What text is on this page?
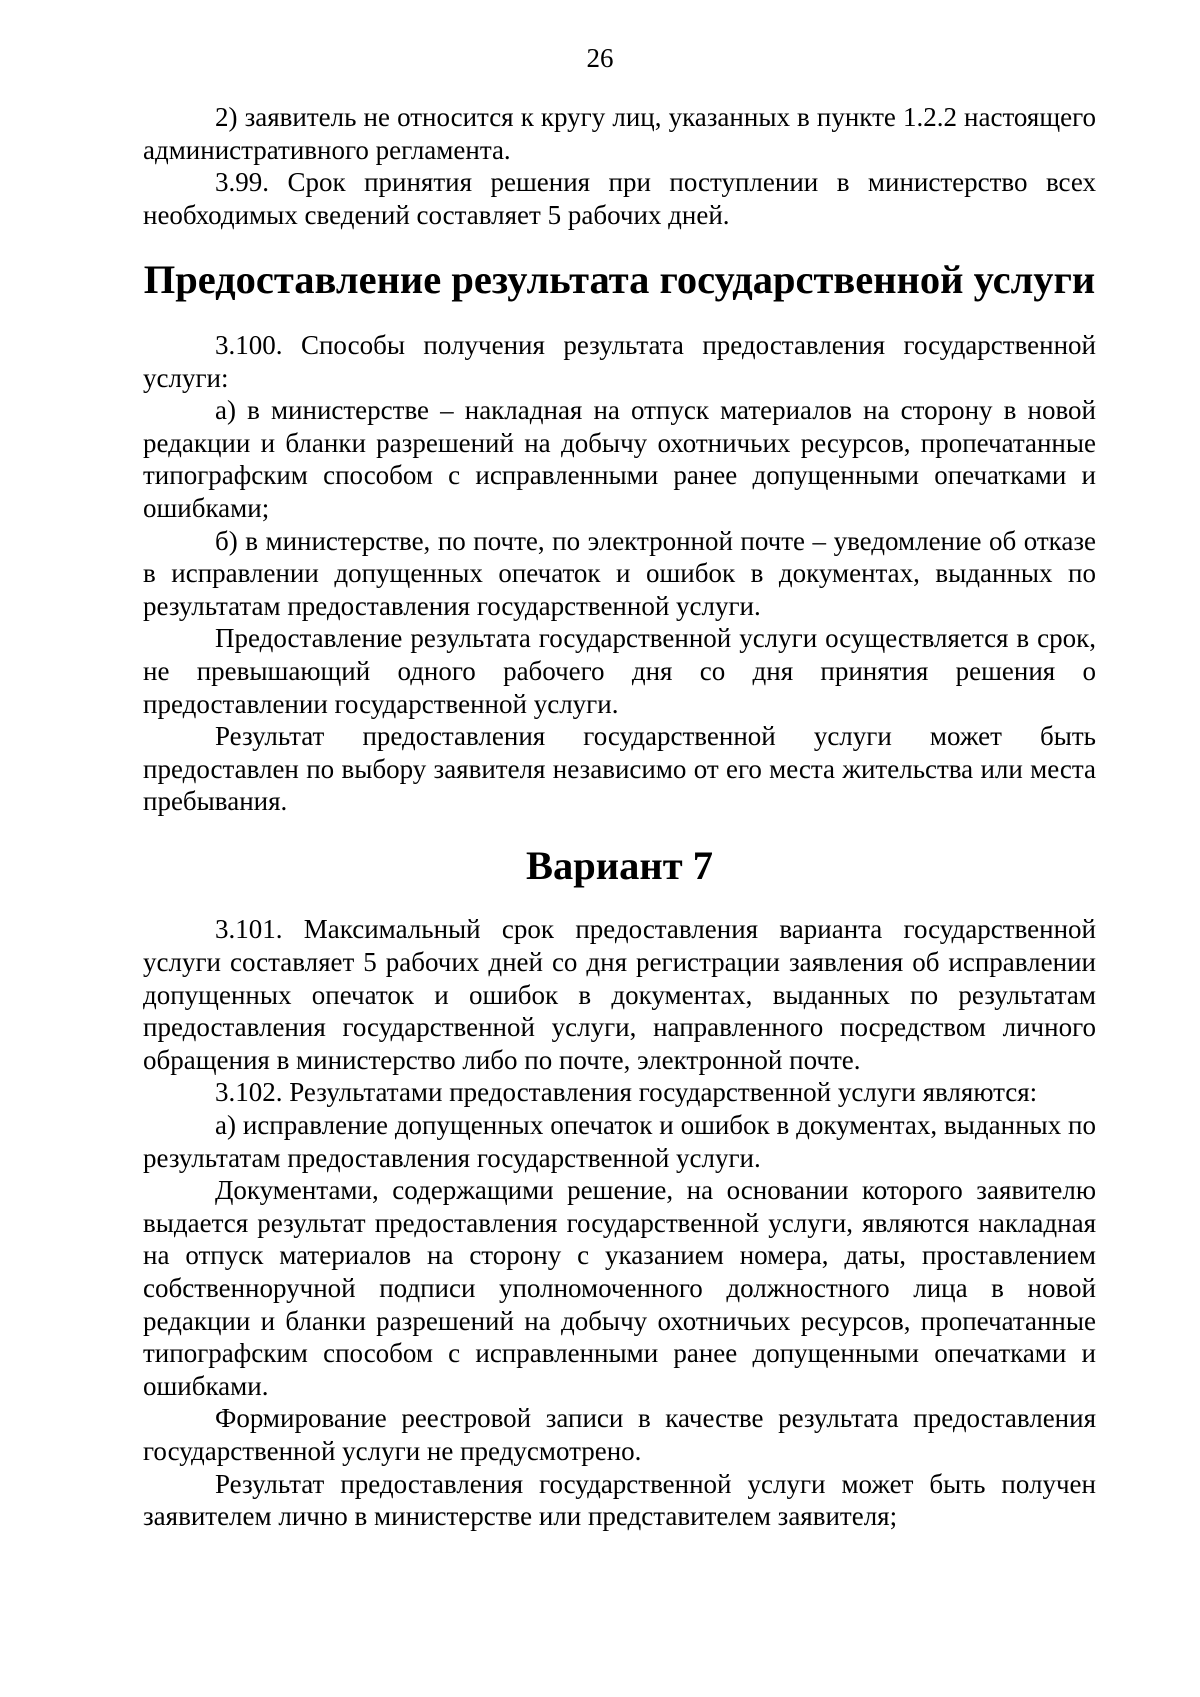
26

2) заявитель не относится к кругу лиц, указанных в пункте 1.2.2 настоящего административного регламента.

3.99. Срок принятия решения при поступлении в министерство всех необходимых сведений составляет 5 рабочих дней.

Предоставление результата государственной услуги

3.100. Способы получения результата предоставления государственной услуги:

а) в министерстве – накладная на отпуск материалов на сторону в новой редакции и бланки разрешений на добычу охотничьих ресурсов, пропечатанные типографским способом с исправленными ранее допущенными опечатками и ошибками;

б) в министерстве, по почте, по электронной почте – уведомление об отказе в исправлении допущенных опечаток и ошибок в документах, выданных по результатам предоставления государственной услуги.

Предоставление результата государственной услуги осуществляется в срок, не превышающий одного рабочего дня со дня принятия решения о предоставлении государственной услуги.

Результат предоставления государственной услуги может быть предоставлен по выбору заявителя независимо от его места жительства или места пребывания.

Вариант 7

3.101. Максимальный срок предоставления варианта государственной услуги составляет 5 рабочих дней со дня регистрации заявления об исправлении допущенных опечаток и ошибок в документах, выданных по результатам предоставления государственной услуги, направленного посредством личного обращения в министерство либо по почте, электронной почте.

3.102. Результатами предоставления государственной услуги являются:

а) исправление допущенных опечаток и ошибок в документах, выданных по результатам предоставления государственной услуги.

Документами, содержащими решение, на основании которого заявителю выдается результат предоставления государственной услуги, являются накладная на отпуск материалов на сторону с указанием номера, даты, проставлением собственноручной подписи уполномоченного должностного лица в новой редакции и бланки разрешений на добычу охотничьих ресурсов, пропечатанные типографским способом с исправленными ранее допущенными опечатками и ошибками.

Формирование реестровой записи в качестве результата предоставления государственной услуги не предусмотрено.

Результат предоставления государственной услуги может быть получен заявителем лично в министерстве или представителем заявителя;
